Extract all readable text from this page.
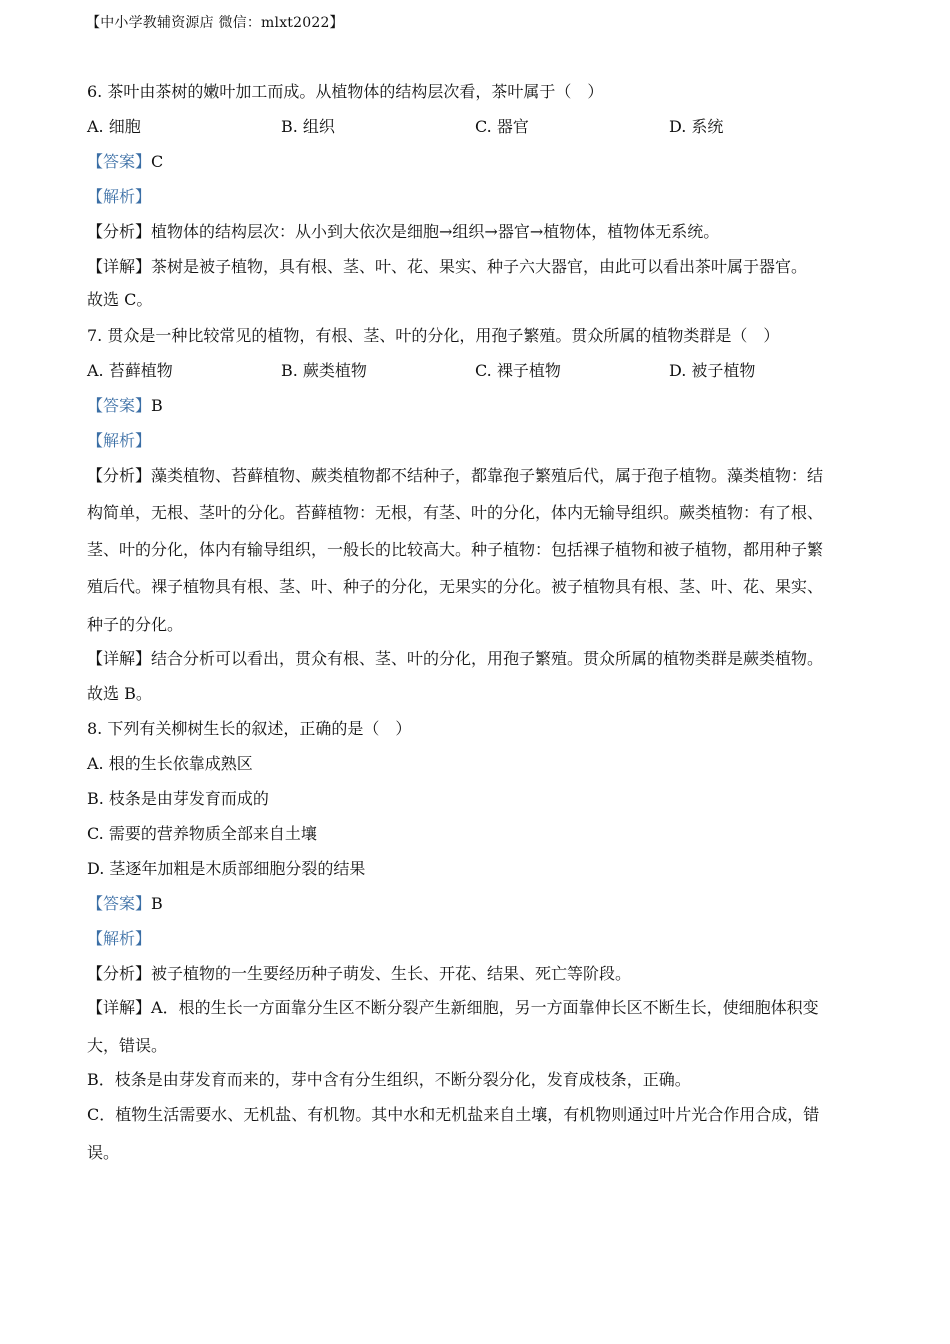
【中小学教辅资源店 微信：mlxt2022】
6. 茶叶由茶树的嫩叶加工而成。从植物体的结构层次看，茶叶属于（　）
A. 细胞	B. 组织	C. 器官	D. 系统
【答案】C
【解析】
【分析】植物体的结构层次：从小到大依次是细胞→组织→器官→植物体，植物体无系统。
【详解】茶树是被子植物，具有根、茎、叶、花、果实、种子六大器官，由此可以看出茶叶属于器官。
故选 C。
7. 贯众是一种比较常见的植物，有根、茎、叶的分化，用孢子繁殖。贯众所属的植物类群是（　）
A. 苔藓植物	B. 蕨类植物	C. 裸子植物	D. 被子植物
【答案】B
【解析】
【分析】藻类植物、苔藓植物、蕨类植物都不结种子，都靠孢子繁殖后代，属于孢子植物。藻类植物：结
构简单，无根、茎叶的分化。苔藓植物：无根，有茎、叶的分化，体内无输导组织。蕨类植物：有了根、
茎、叶的分化，体内有输导组织，一般长的比较高大。种子植物：包括裸子植物和被子植物，都用种子繁
殖后代。裸子植物具有根、茎、叶、种子的分化，无果实的分化。被子植物具有根、茎、叶、花、果实、
种子的分化。
【详解】结合分析可以看出，贯众有根、茎、叶的分化，用孢子繁殖。贯众所属的植物类群是蕨类植物。
故选 B。
8. 下列有关柳树生长的叙述，正确的是（　）
A. 根的生长依靠成熟区
B. 枝条是由芽发育而成的
C. 需要的营养物质全部来自土壤
D. 茎逐年加粗是木质部细胞分裂的结果
【答案】B
【解析】
【分析】被子植物的一生要经历种子萌发、生长、开花、结果、死亡等阶段。
【详解】A．根的生长一方面靠分生区不断分裂产生新细胞，另一方面靠伸长区不断生长，使细胞体积变
大，错误。
B．枝条是由芽发育而来的，芽中含有分生组织，不断分裂分化，发育成枝条，正确。
C．植物生活需要水、无机盐、有机物。其中水和无机盐来自土壤，有机物则通过叶片光合作用合成，错
误。
